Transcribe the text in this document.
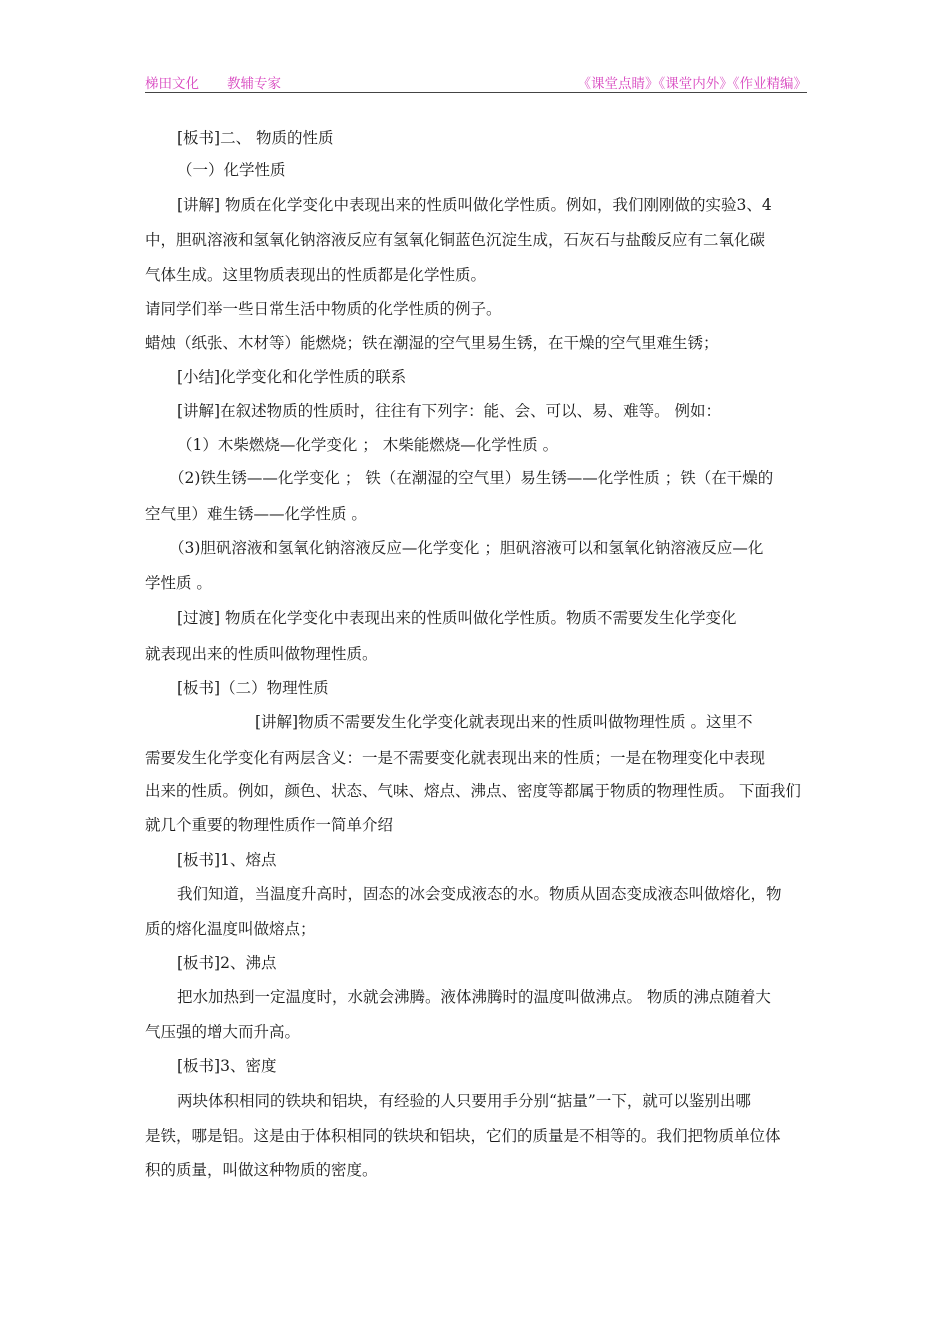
梯田文化 教辅专家	《课堂点睛》《课堂内外》《作业精编》
[板书]二、 物质的性质
（一）化学性质
[讲解] 物质在化学变化中表现出来的性质叫做化学性质。例如，我们刚刚做的实验3、4
中，胆矾溶液和氢氧化钠溶液反应有氢氧化铜蓝色沉淀生成，石灰石与盐酸反应有二氧化碳
气体生成。这里物质表现出的性质都是化学性质。
请同学们举一些日常生活中物质的化学性质的例子。
蜡烛（纸张、木材等）能燃烧；铁在潮湿的空气里易生锈，在干燥的空气里难生锈；
[小结]化学变化和化学性质的联系
[讲解]在叙述物质的性质时，往往有下列字：能、会、可以、易、难等。 例如：
（1）木柴燃烧—化学变化 ； 木柴能燃烧—化学性质 。
（2)铁生锈——化学变化 ； 铁（在潮湿的空气里）易生锈——化学性质 ；铁（在干燥的
空气里）难生锈——化学性质 。
（3)胆矾溶液和氢氧化钠溶液反应—化学变化 ；胆矾溶液可以和氢氧化钠溶液反应—化
学性质 。
[过渡] 物质在化学变化中表现出来的性质叫做化学性质。物质不需要发生化学变化
就表现出来的性质叫做物理性质。
[板书]（二）物理性质
[讲解]物质不需要发生化学变化就表现出来的性质叫做物理性质 。这里不
需要发生化学变化有两层含义：一是不需要变化就表现出来的性质；一是在物理变化中表现
出来的性质。例如，颜色、状态、气味、熔点、沸点、密度等都属于物质的物理性质。 下面我们
就几个重要的物理性质作一简单介绍
[板书]1、熔点
我们知道，当温度升高时，固态的冰会变成液态的水。物质从固态变成液态叫做熔化，物
质的熔化温度叫做熔点；
[板书]2、沸点
把水加热到一定温度时，水就会沸腾。液体沸腾时的温度叫做沸点。 物质的沸点随着大
气压强的增大而升高。
[板书]3、密度
两块体积相同的铁块和铝块，有经验的人只要用手分别“掂量”一下，就可以鉴别出哪
是铁，哪是铝。这是由于体积相同的铁块和铝块，它们的质量是不相等的。我们把物质单位体
积的质量，叫做这种物质的密度。
